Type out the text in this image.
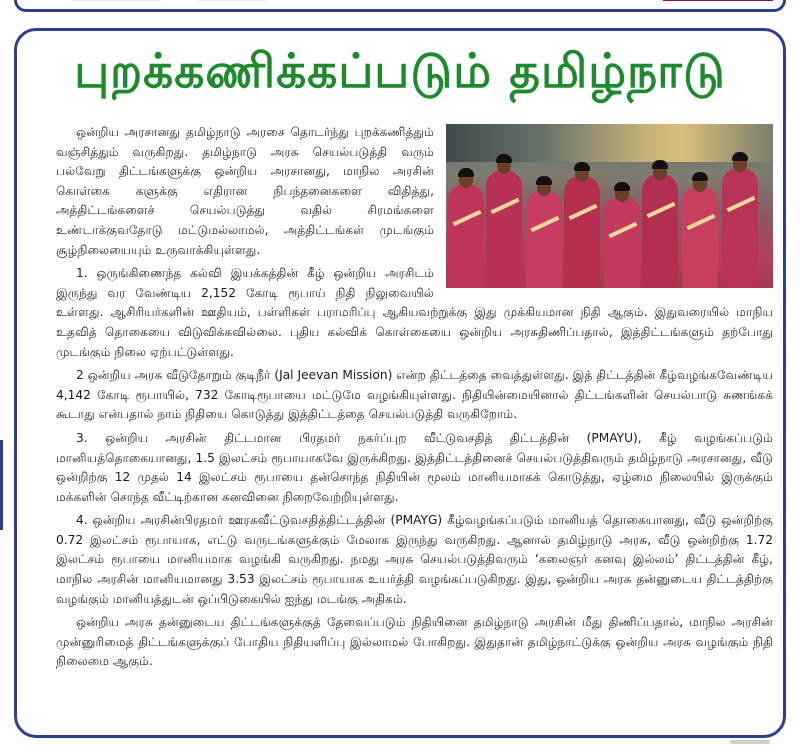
புறக்கணிக்கப்படும் தமிழ்நாடு

ஒன்றிய அரசானது தமிழ்நாடு அரசை தொடர்ந்து புறக்கணித்தும் வஞ்சித்தும் வருகிறது. தமிழ்நாடு அரசு செயல்படுத்தி வரும் பல்வேறு திட்டங்களுக்கு ஒன்றிய அரசானது, மாநில அரசின் கொள்கை களுக்கு எதிரான நிபந்தனைகளை விதித்து, அத்திட்டங்களைச் செயல்படுத்து வதில் சிரமங்களை உண்டாக்குவதோடு மட்டுமல்லாமல், அத்திட்டங்கள் முடங்கும் சூழ்நிலையையும் உருவாக்கியுள்ளது.

1. ஒருங்கிணைந்த கல்வி இயக்கத்தின் கீழ் ஒன்றிய அரசிடம் இருந்து வர வேண்டிய 2,152 கோடி ரூபாய் நிதி நிலுவையில் உள்ளது. ஆசிரியர்களின் ஊதியம், பள்ளிகள் பராமரிப்பு ஆகியவற்றுக்கு இது முக்கியமான நிதி ஆகும். இதுவரையில் மாநிய உதவித் தொகையை விடுவிக்கவில்லை. புதிய கல்விக் கொள்கையை ஒன்றிய அரசுதிணிப்பதால், இத்திட்டங்களும் தற்போது முடங்கும் நிலை ஏற்பட்டுள்ளது.

2 ஒன்றிய அரசு வீடுதோறும் குடிநீர் (Jal Jeevan Mission) என்ற திட்டத்தை வைத்துள்ளது. இத் திட்டத்தின் கீழ்வழங்கவேண்டிய 4,142 கோடி ரூபாயில், 732 கோடிரூபாயை மட்டுமே வழங்கியுள்ளது. நிதியின்மையினால் திட்டங்களின் செயல்பாடு சுணங்கக் கூடாது என்பதால் நாம் நிதியை கொடுத்து இத்திட்டத்தை செயல்படுத்தி வருகிறோம்.

3. ஒன்றிய அரசின் திட்டமான பிரதமர் நகர்ப்புற வீட்டுவசதித் திட்டத்தின் (PMAYU), கீழ் வழங்கப்படும் மானியத்தொகையானது, 1.5 இலட்சம் ரூபாயாகவே இருக்கிறது. இத்திட்டத்தினைச் செயல்படுத்திவரும் தமிழ்நாடு அரசானது, வீடு ஒன்றிற்கு 12 முதல் 14 இலட்சம் ரூபாயை தன்சொந்த நிதியின் மூலம் மானியமாகக் கொடுத்து, ஏழ்மை நிலையில் இருக்கும் மக்களின் சொந்த வீட்டிற்கான கனவினை நிறைவேற்றியுள்ளது.

4. ஒன்றிய அரசின்பிரதமர் ஊரகவீட்டுவசதித்திட்டத்தின் (PMAYG) கீழ்வழங்கப்படும் மானியத் தொகையானது, வீடு ஒன்றிற்கு 0.72 இலட்சம் ரூபாயாக, எட்டு வருடங்களுக்கும் மேலாக இருந்து வருகிறது. ஆனால் தமிழ்நாடு அரசு, வீடு ஒன்றிற்கு 1.72 இலட்சம் ரூபாயை மானியமாக வழங்கி வருகிறது. நமது அரசு செயல்படுத்திவரும் ‘கலைஞர் கனவு இல்லம்’ திட்டத்தின் கீழ், மாநில அரசின் மானியமானது 3.53 இலட்சம் ரூபாயாக உயர்த்தி வழங்கப்படுகிறது. இது, ஒன்றிய அரசு தன்னுடைய திட்டத்திற்கு வழங்கும் மானியத்துடன் ஒப்பிடுகையில் ஐந்து மடங்கு அதிகம்.

ஒன்றிய அரசு தன்னுடைய திட்டங்களுக்குத் தேவைப்படும் நிதியினை தமிழ்நாடு அரசின் மீது திணிப்பதால், மாநில அரசின் முன்னுரிமைத் திட்டங்களுக்குப் போதிய நிதியளிப்பு இல்லாமல் போகிறது. இதுதான் தமிழ்நாட்டுக்கு ஒன்றிய அரசு வழங்கும் நிதி நிலைமை ஆகும்.
